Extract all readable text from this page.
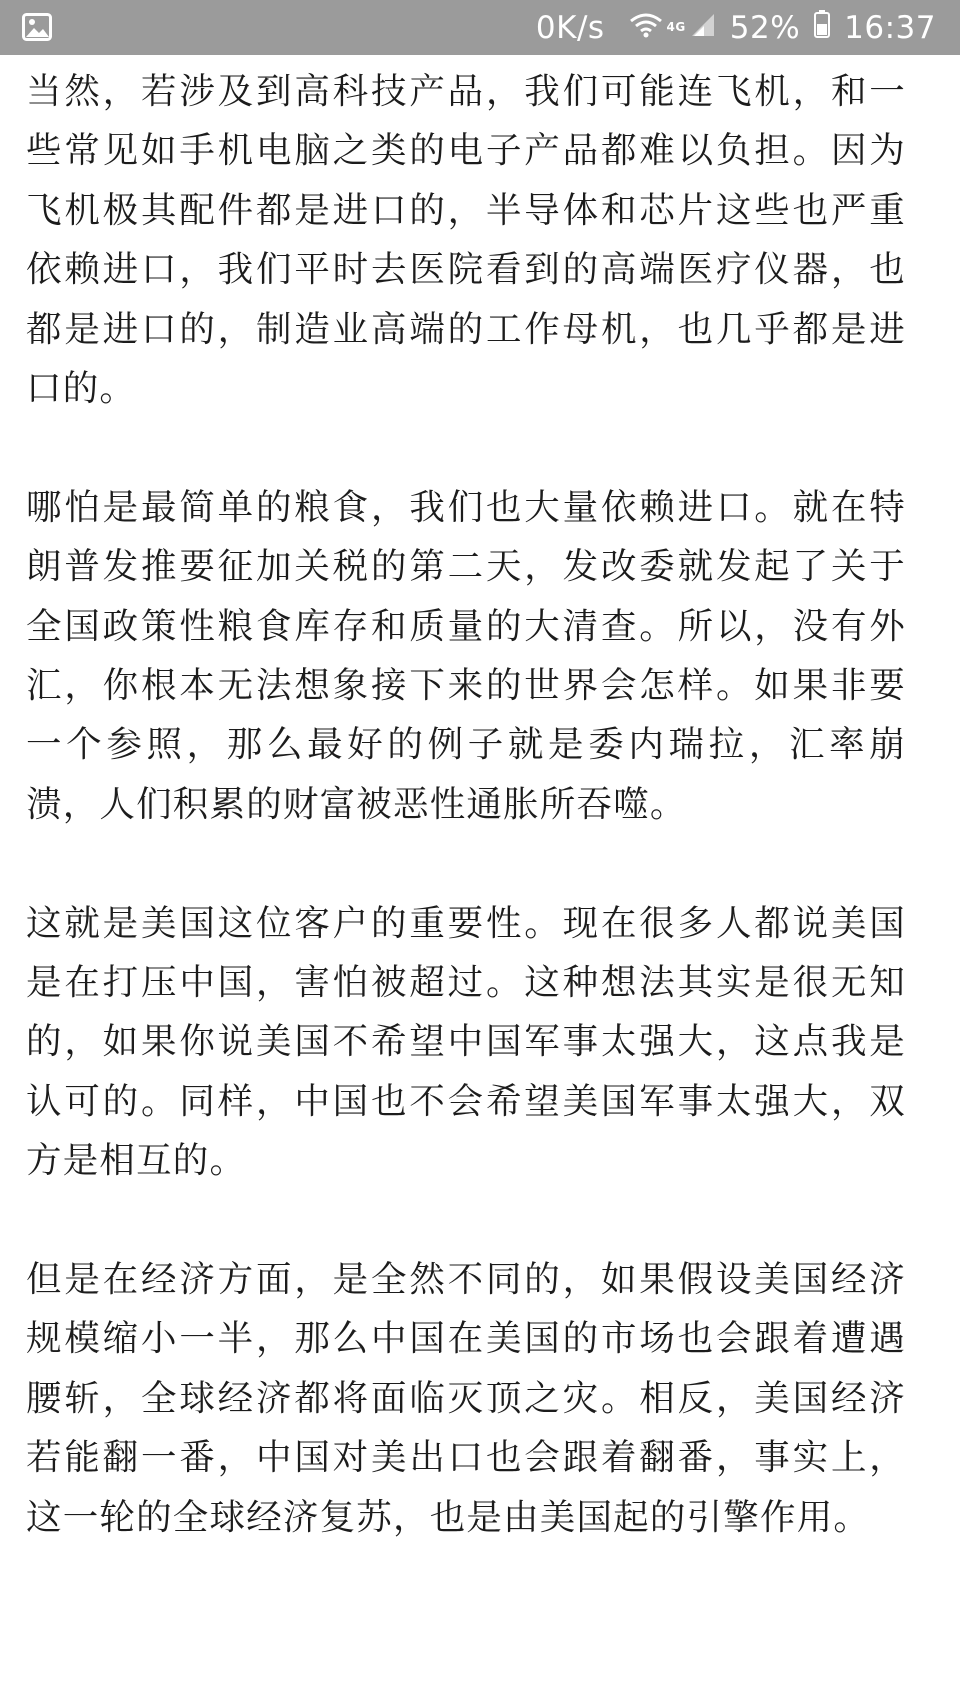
0K/s	4G 52% 16:37

当然，若涉及到高科技产品，我们可能连飞机，和一些常见如手机电脑之类的电子产品都难以负担。因为飞机极其配件都是进口的，半导体和芯片这些也严重依赖进口，我们平时去医院看到的高端医疗仪器，也都是进口的，制造业高端的工作母机，也几乎都是进口的。

哪怕是最简单的粮食，我们也大量依赖进口。就在特朗普发推要征加关税的第二天，发改委就发起了关于全国政策性粮食库存和质量的大清查。所以，没有外汇，你根本无法想象接下来的世界会怎样。如果非要一个参照，那么最好的例子就是委内瑞拉，汇率崩溃，人们积累的财富被恶性通胀所吞噬。

这就是美国这位客户的重要性。现在很多人都说美国是在打压中国，害怕被超过。这种想法其实是很无知的，如果你说美国不希望中国军事太强大，这点我是认可的。同样，中国也不会希望美国军事太强大，双方是相互的。

但是在经济方面，是全然不同的，如果假设美国经济规模缩小一半，那么中国在美国的市场也会跟着遭遇腰斩，全球经济都将面临灭顶之灾。相反，美国经济若能翻一番，中国对美出口也会跟着翻番，事实上，这一轮的全球经济复苏，也是由美国起的引擎作用。
